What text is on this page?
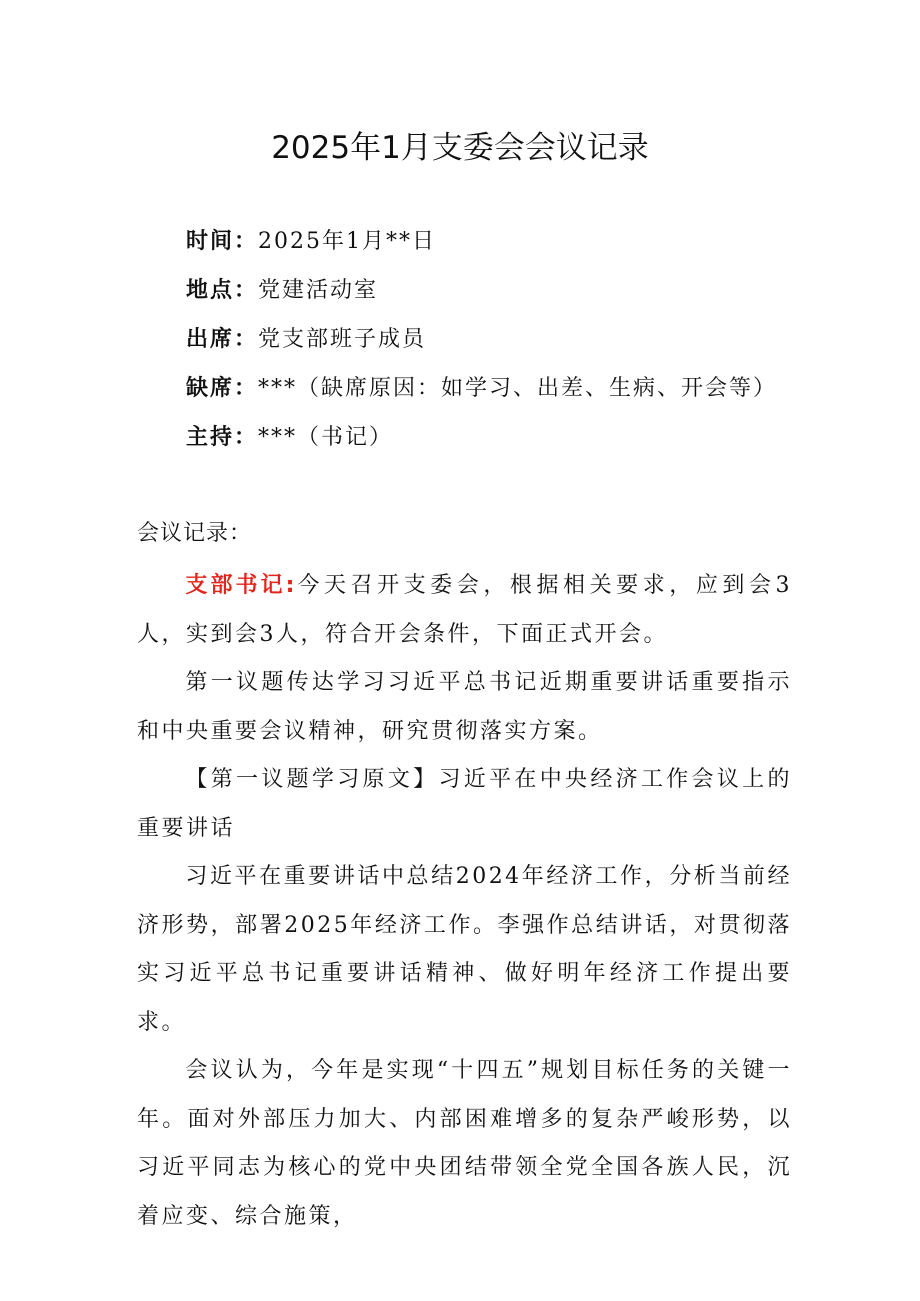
2025年1月支委会会议记录
时间：2025年1月**日
地点：党建活动室
出席：党支部班子成员
缺席：***（缺席原因：如学习、出差、生病、开会等）
主持：***（书记）
会议记录：

支部书记:今天召开支委会，根据相关要求，应到会3人，实到会3人，符合开会条件，下面正式开会。

第一议题传达学习习近平总书记近期重要讲话重要指示和中央重要会议精神，研究贯彻落实方案。

【第一议题学习原文】习近平在中央经济工作会议上的重要讲话

习近平在重要讲话中总结2024年经济工作，分析当前经济形势，部署2025年经济工作。李强作总结讲话，对贯彻落实习近平总书记重要讲话精神、做好明年经济工作提出要求。

会议认为，今年是实现“十四五”规划目标任务的关键一年。面对外部压力加大、内部困难增多的复杂严峻形势，以习近平同志为核心的党中央团结带领全党全国各族人民，沉着应变、综合施策，
